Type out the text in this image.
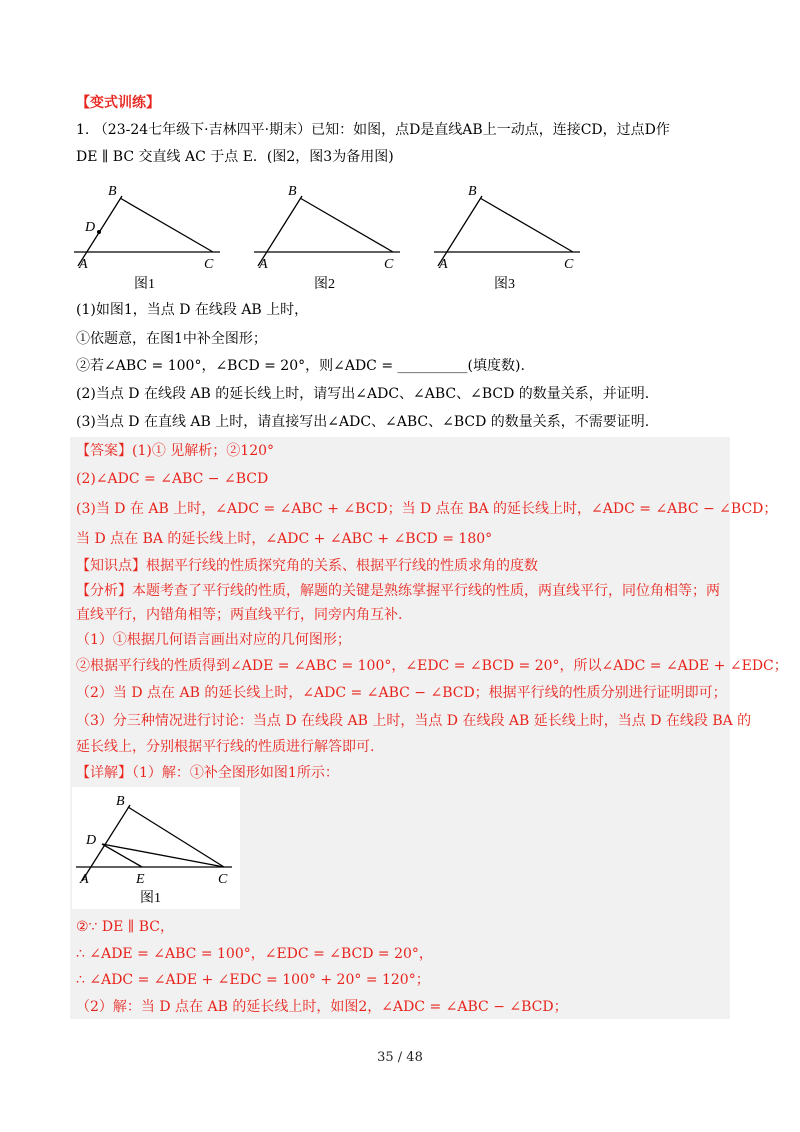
【变式训练】
1. （23-24七年级下·吉林四平·期末）已知：如图，点D是直线AB上一动点，连接CD，过点D作
DE ∥ BC 交直线 AC 于点 E．(图2，图3为备用图)
B
D
A	C
图1
B
A	C
图2
B
A	C
图3
(1)如图1，当点 D 在线段 AB 上时，
①依题意，在图1中补全图形；
②若∠ABC = 100°，∠BCD = 20°，则∠ADC = __________(填度数).
(2)当点 D 在线段 AB 的延长线上时，请写出∠ADC、∠ABC、∠BCD 的数量关系，并证明.
(3)当点 D 在直线 AB 上时，请直接写出∠ADC、∠ABC、∠BCD 的数量关系，不需要证明.
【答案】(1)① 见解析；②120°
(2)∠ADC = ∠ABC − ∠BCD
(3)当 D 在 AB 上时，∠ADC = ∠ABC + ∠BCD；当 D 点在 BA 的延长线上时，∠ADC = ∠ABC − ∠BCD；
当 D 点在 BA 的延长线上时，∠ADC + ∠ABC + ∠BCD = 180°
【知识点】根据平行线的性质探究角的关系、根据平行线的性质求角的度数
【分析】本题考查了平行线的性质，解题的关键是熟练掌握平行线的性质，两直线平行，同位角相等；两
直线平行，内错角相等；两直线平行，同旁内角互补.
（1）①根据几何语言画出对应的几何图形；
②根据平行线的性质得到∠ADE = ∠ABC = 100°，∠EDC = ∠BCD = 20°，所以∠ADC = ∠ADE + ∠EDC；
（2）当 D 点在 AB 的延长线上时，∠ADC = ∠ABC − ∠BCD；根据平行线的性质分别进行证明即可；
（3）分三种情况进行讨论：当点 D 在线段 AB 上时，当点 D 在线段 AB 延长线上时，当点 D 在线段 BA 的
延长线上，分别根据平行线的性质进行解答即可.
【详解】（1）解：①补全图形如图1所示：
B
D
A	E	C
图1
②∵ DE ∥ BC，
∴ ∠ADE = ∠ABC = 100°，∠EDC = ∠BCD = 20°，
∴ ∠ADC = ∠ADE + ∠EDC = 100° + 20° = 120°；
（2）解：当 D 点在 AB 的延长线上时，如图2，∠ADC = ∠ABC − ∠BCD；
35 / 48
